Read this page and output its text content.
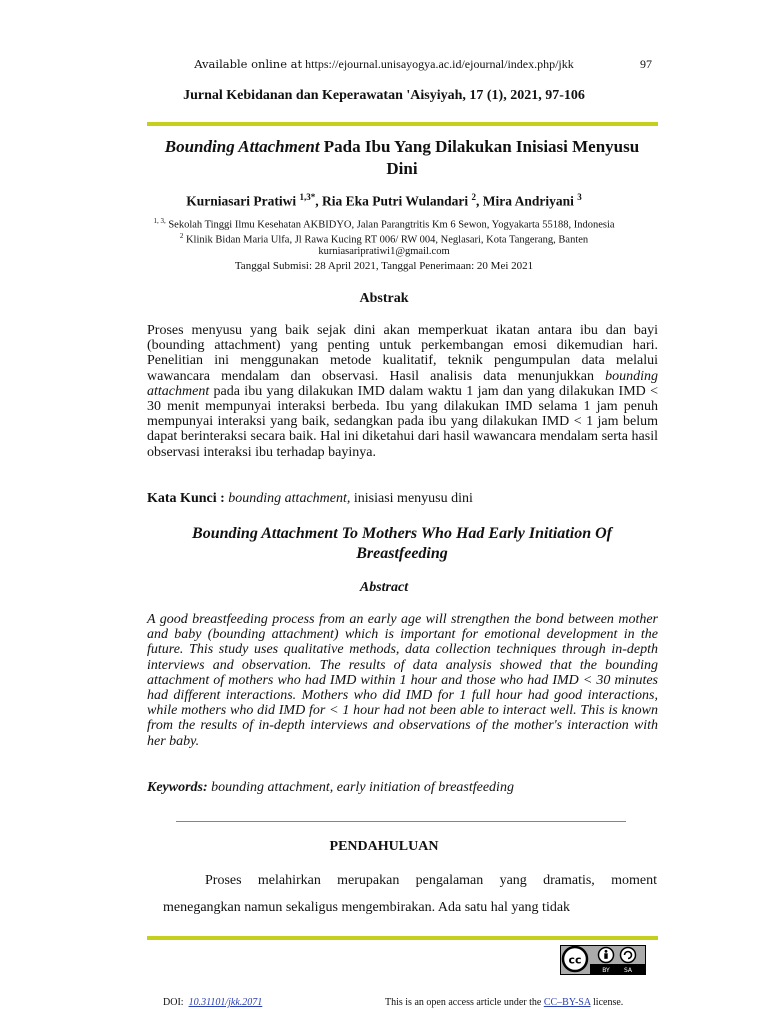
Available online at https://ejournal.unisayogya.ac.id/ejournal/index.php/jkk	97
Jurnal Kebidanan dan Keperawatan 'Aisyiyah, 17 (1), 2021, 97-106
Bounding Attachment Pada Ibu Yang Dilakukan Inisiasi Menyusu
Dini
Kurniasari Pratiwi $^{1,3*}$, Ria Eka Putri Wulandari $^2$, Mira Andriyani $^3$
$^{1, 3,}$ Sekolah Tinggi Ilmu Kesehatan AKBIDYO, Jalan Parangtritis Km 6 Sewon, Yogyakarta 55188, Indonesia
$^2$ Klinik Bidan Maria Ulfa, Jl Rawa Kucing RT 006/ RW 004, Neglasari, Kota Tangerang, Banten
kurniasaripratiwi1@gmail.com
Tanggal Submisi: 28 April 2021, Tanggal Penerimaan: 20 Mei 2021
Abstrak
Proses menyusu yang baik sejak dini akan memperkuat ikatan antara ibu dan bayi (bounding attachment) yang penting untuk perkembangan emosi dikemudian hari. Penelitian ini menggunakan metode kualitatif, teknik pengumpulan data melalui wawancara mendalam dan observasi. Hasil analisis data menunjukkan bounding attachment pada ibu yang dilakukan IMD dalam waktu 1 jam dan yang dilakukan IMD < 30 menit mempunyai interaksi berbeda. Ibu yang dilakukan IMD selama 1 jam penuh mempunyai interaksi yang baik, sedangkan pada ibu yang dilakukan IMD < 1 jam belum dapat berinteraksi secara baik. Hal ini diketahui dari hasil wawancara mendalam serta hasil observasi interaksi ibu terhadap bayinya.
Kata Kunci : bounding attachment, inisiasi menyusu dini
Bounding Attachment To Mothers Who Had Early Initiation Of
Breastfeeding
Abstract
A good breastfeeding process from an early age will strengthen the bond between mother and baby (bounding attachment) which is important for emotional development in the future. This study uses qualitative methods, data collection techniques through in-depth interviews and observation. The results of data analysis showed that the bounding attachment of mothers who had IMD within 1 hour and those who had IMD < 30 minutes had different interactions. Mothers who did IMD for 1 full hour had good interactions, while mothers who did IMD for < 1 hour had not been able to interact well. This is known from the results of in-depth interviews and observations of the mother's interaction with her baby.
Keywords: bounding attachment, early initiation of breastfeeding
PENDAHULUAN
Proses melahirkan merupakan pengalaman yang dramatis, moment menegangkan namun sekaligus mengembirakan. Ada satu hal yang tidak
cc
BY SA
DOI: 10.31101/jkk.2071	This is an open access article under the CC–BY-SA license.
